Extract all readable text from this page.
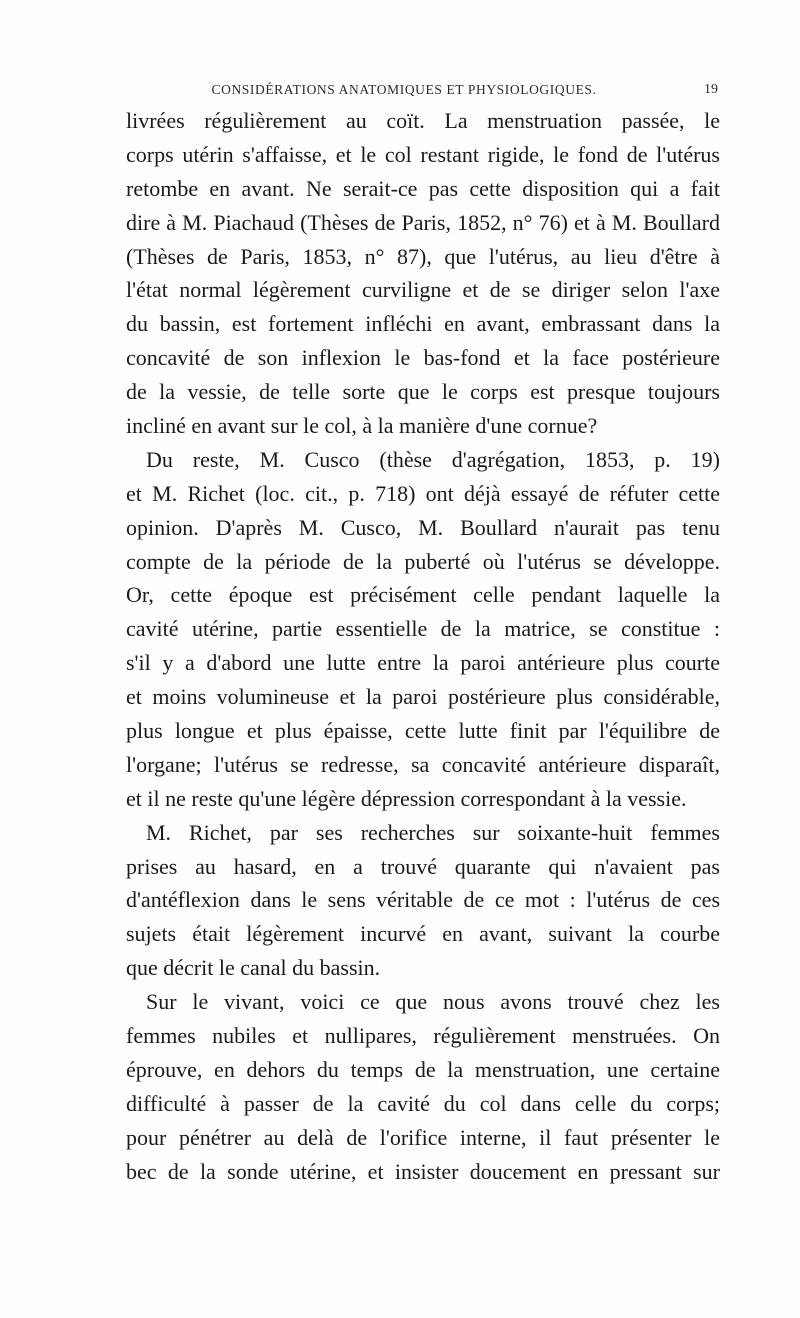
CONSIDÉRATIONS ANATOMIQUES ET PHYSIOLOGIQUES.	19
livrées régulièrement au coït. La menstruation passée, le
corps utérin s'affaisse, et le col restant rigide, le fond de l'utérus
retombe en avant. Ne serait-ce pas cette disposition qui a fait
dire à M. Piachaud (Thèses de Paris, 1852, n° 76) et à M. Boullard
(Thèses de Paris, 1853, n° 87), que l'utérus, au lieu d'être à
l'état normal légèrement curviligne et de se diriger selon l'axe
du bassin, est fortement infléchi en avant, embrassant dans la
concavité de son inflexion le bas-fond et la face postérieure
de la vessie, de telle sorte que le corps est presque toujours
incliné en avant sur le col, à la manière d'une cornue?
Du reste, M. Cusco (thèse d'agrégation, 1853, p. 19)
et M. Richet (loc. cit., p. 718) ont déjà essayé de réfuter cette
opinion. D'après M. Cusco, M. Boullard n'aurait pas tenu
compte de la période de la puberté où l'utérus se développe.
Or, cette époque est précisément celle pendant laquelle la
cavité utérine, partie essentielle de la matrice, se constitue :
s'il y a d'abord une lutte entre la paroi antérieure plus courte
et moins volumineuse et la paroi postérieure plus considérable,
plus longue et plus épaisse, cette lutte finit par l'équilibre de
l'organe; l'utérus se redresse, sa concavité antérieure disparaît,
et il ne reste qu'une légère dépression correspondant à la vessie.
M. Richet, par ses recherches sur soixante-huit femmes
prises au hasard, en a trouvé quarante qui n'avaient pas
d'antéflexion dans le sens véritable de ce mot : l'utérus de ces
sujets était légèrement incurvé en avant, suivant la courbe
que décrit le canal du bassin.
Sur le vivant, voici ce que nous avons trouvé chez les
femmes nubiles et nullipares, régulièrement menstruées. On
éprouve, en dehors du temps de la menstruation, une certaine
difficulté à passer de la cavité du col dans celle du corps;
pour pénétrer au delà de l'orifice interne, il faut présenter le
bec de la sonde utérine, et insister doucement en pressant sur
